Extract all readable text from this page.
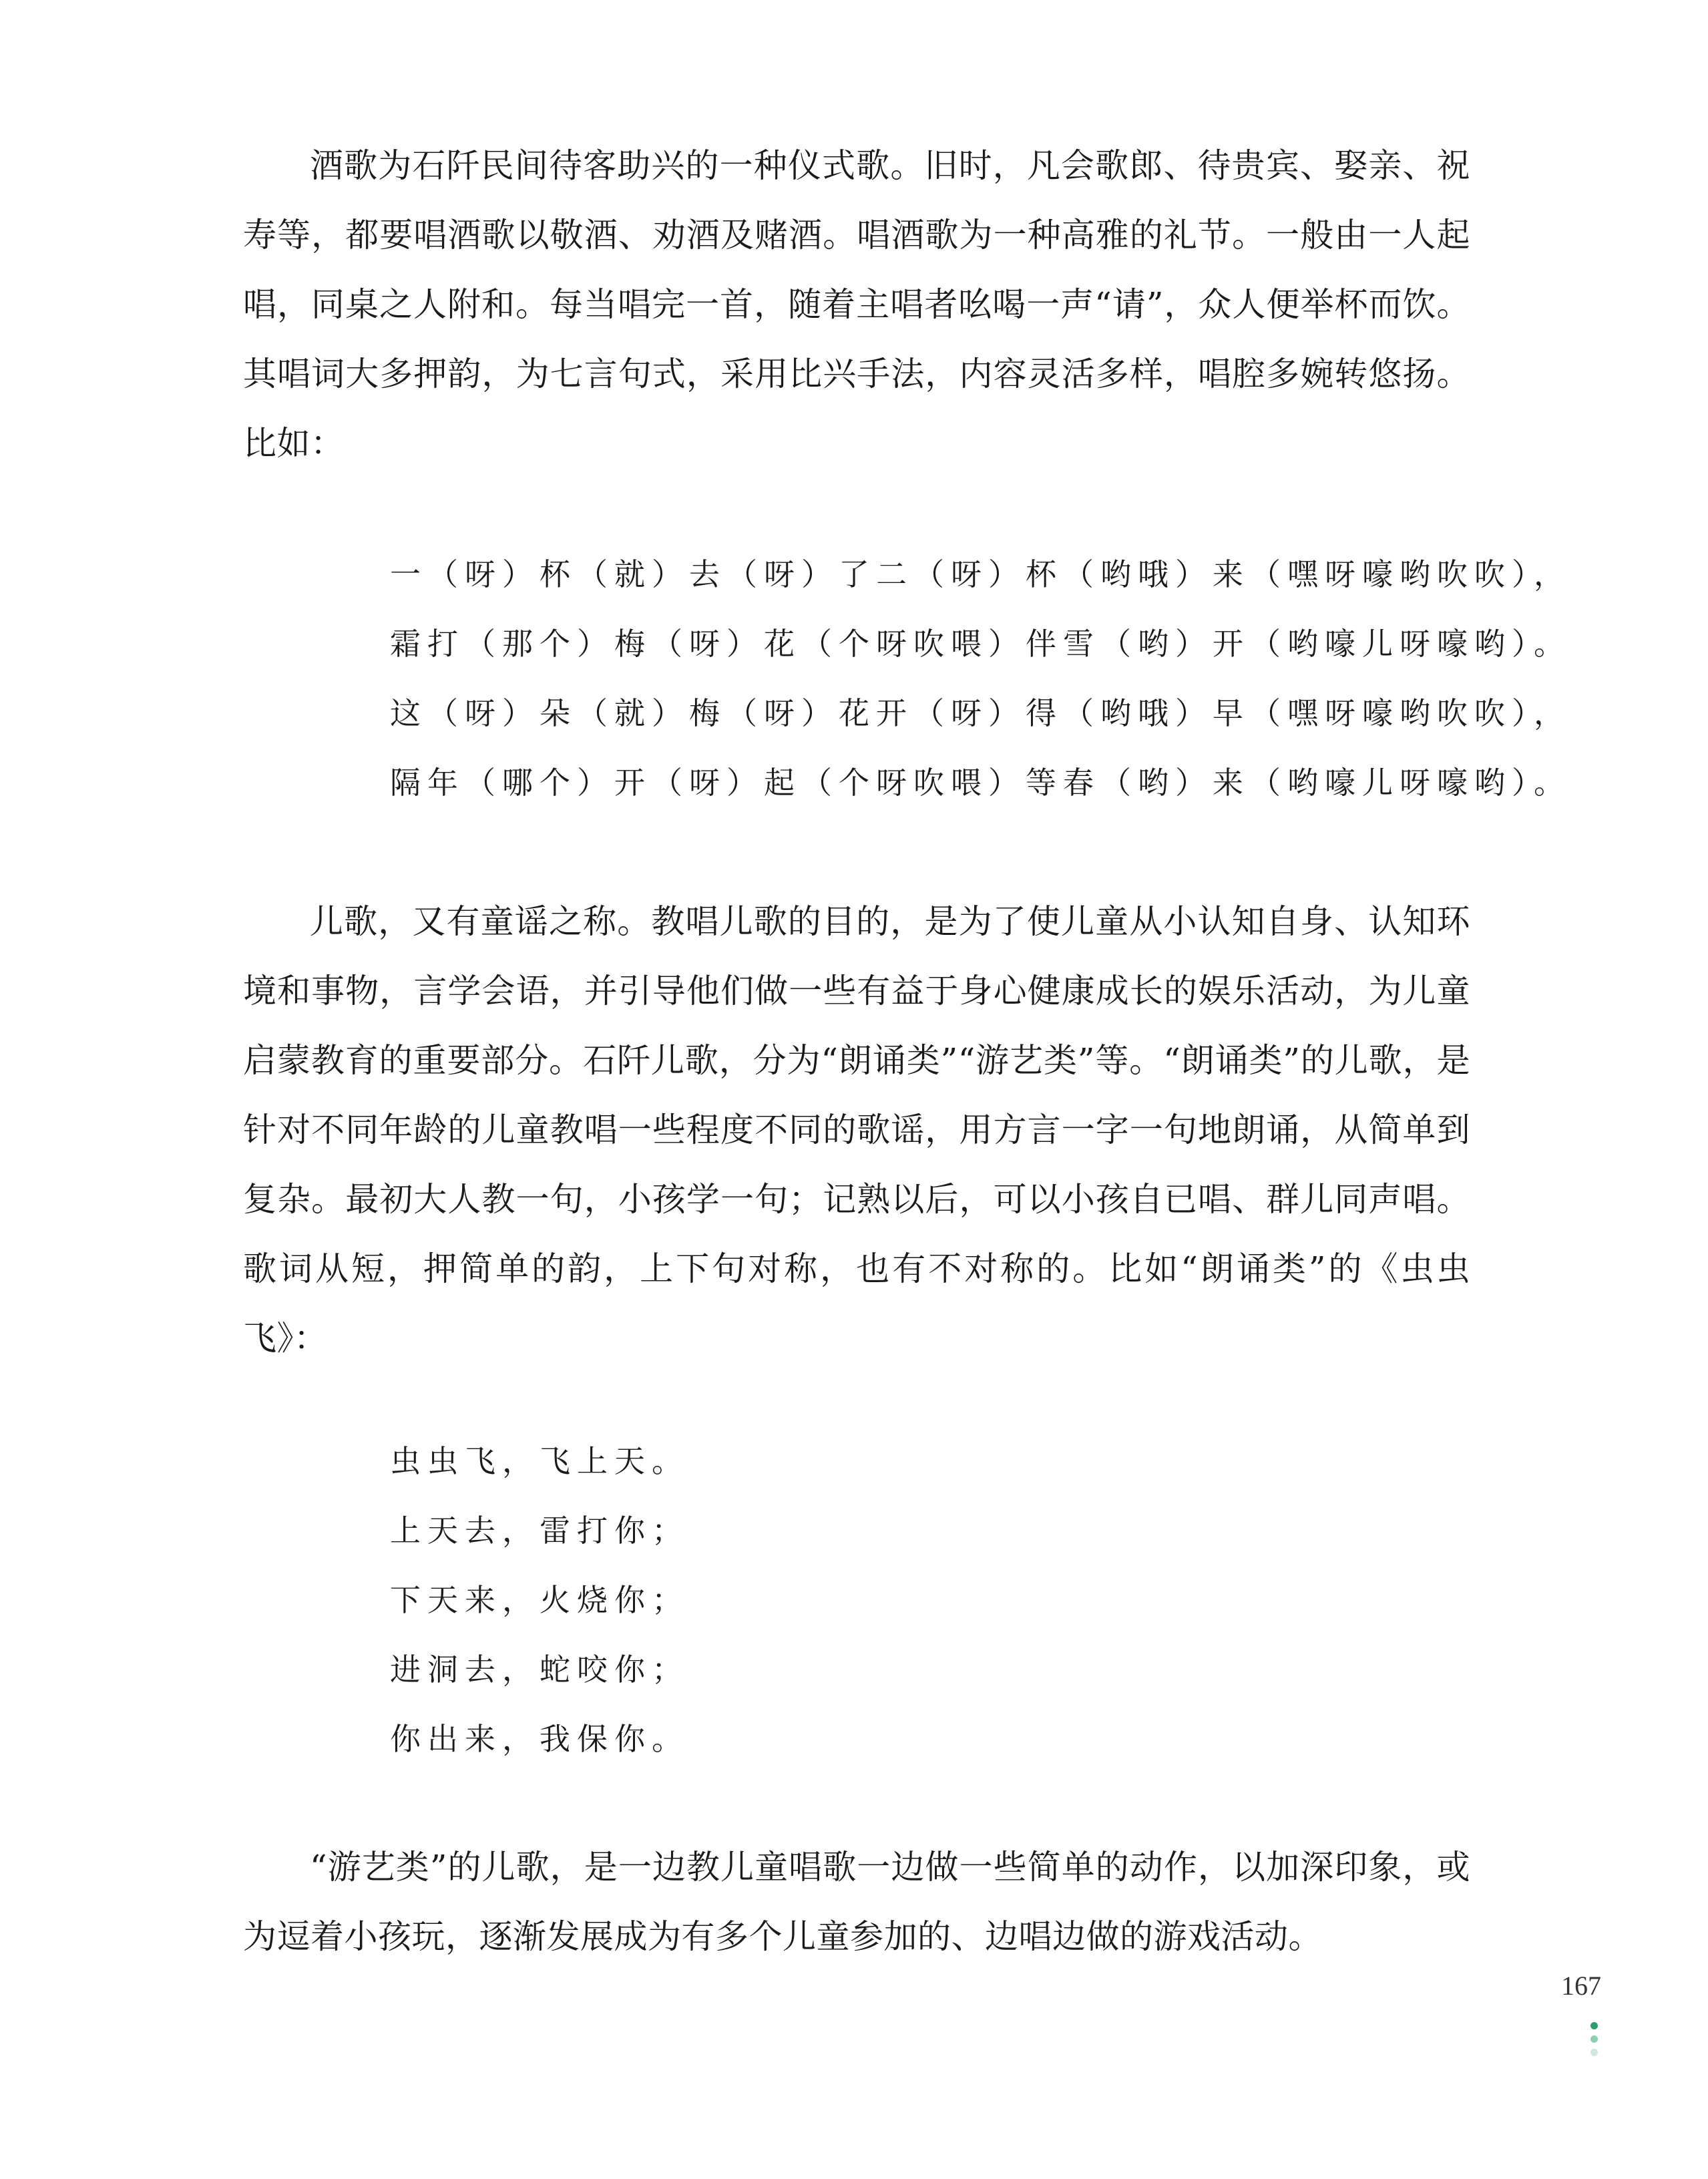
酒歌为石阡民间待客助兴的一种仪式歌。旧时，凡会歌郎、待贵宾、娶亲、祝寿等，都要唱酒歌以敬酒、劝酒及赌酒。唱酒歌为一种高雅的礼节。一般由一人起唱，同桌之人附和。每当唱完一首，随着主唱者吆喝一声“请”，众人便举杯而饮。其唱词大多押韵，为七言句式，采用比兴手法，内容灵活多样，唱腔多婉转悠扬。比如：

一（呀）杯（就）去（呀）了二（呀）杯（哟哦）来（嘿呀嚎哟吹吹），
霜打（那个）梅（呀）花（个呀吹喂）伴雪（哟）开（哟嚎儿呀嚎哟）。
这（呀）朵（就）梅（呀）花开（呀）得（哟哦）早（嘿呀嚎哟吹吹），
隔年（哪个）开（呀）起（个呀吹喂）等春（哟）来（哟嚎儿呀嚎哟）。

儿歌，又有童谣之称。教唱儿歌的目的，是为了使儿童从小认知自身、认知环境和事物，言学会语，并引导他们做一些有益于身心健康成长的娱乐活动，为儿童启蒙教育的重要部分。石阡儿歌，分为“朗诵类”“游艺类”等。“朗诵类”的儿歌，是针对不同年龄的儿童教唱一些程度不同的歌谣，用方言一字一句地朗诵，从简单到复杂。最初大人教一句，小孩学一句；记熟以后，可以小孩自已唱、群儿同声唱。歌词从短，押简单的韵，上下句对称，也有不对称的。比如“朗诵类”的《虫虫飞》：

虫虫飞，飞上天。
上天去，雷打你；
下天来，火烧你；
进洞去，蛇咬你；
你出来，我保你。

“游艺类”的儿歌，是一边教儿童唱歌一边做一些简单的动作，以加深印象，或为逗着小孩玩，逐渐发展成为有多个儿童参加的、边唱边做的游戏活动。

167
